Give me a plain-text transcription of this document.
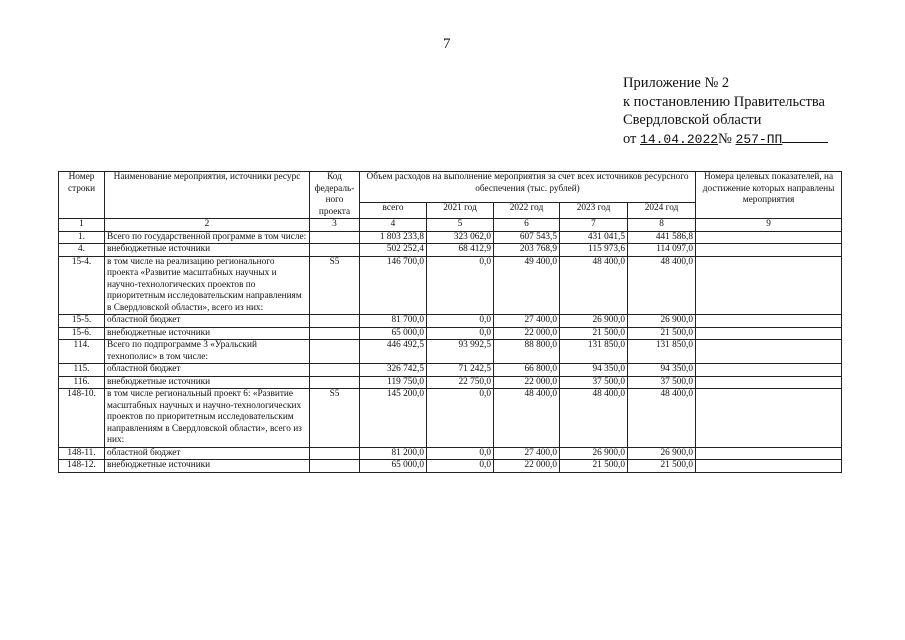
7
Приложение № 2
к постановлению Правительства
Свердловской области
от 14.04.2022№ 257-ПП
Номер строки	Наименование мероприятия, источники ресурс	Код федераль-ного проекта	Объем расходов на выполнение мероприятия за счет всех источников ресурсного обеспечения (тыс. рублей)					Номера целевых показателей, на достижение которых направлены мероприятия
			всего	2021 год	2022 год	2023 год	2024 год	
1	2	3	4	5	6	7	8	9
1.	Всего по государственной программе в том числе:		1 803 233,8	323 062,0	607 543,5	431 041,5	441 586,8	
4.	внебюджетные источники		502 252,4	68 412,9	203 768,9	115 973,6	114 097,0	
15-4.	в том числе на реализацию регионального проекта «Развитие масштабных научных и научно-технологических проектов по приоритетным исследовательским направлениям в Свердловской области», всего из них:	S5	146 700,0	0,0	49 400,0	48 400,0	48 400,0	
15-5.	областной бюджет		81 700,0	0,0	27 400,0	26 900,0	26 900,0	
15-6.	внебюджетные источники		65 000,0	0,0	22 000,0	21 500,0	21 500,0	
114.	Всего по подпрограмме 3 «Уральский технополис» в том числе:		446 492,5	93 992,5	88 800,0	131 850,0	131 850,0	
115.	областной бюджет		326 742,5	71 242,5	66 800,0	94 350,0	94 350,0	
116.	внебюджетные источники		119 750,0	22 750,0	22 000,0	37 500,0	37 500,0	
148-10.	в том числе региональный проект 6: «Развитие масштабных научных и научно-технологических проектов по приоритетным исследовательским направлениям в Свердловской области», всего из них:	S5	145 200,0	0,0	48 400,0	48 400,0	48 400,0	
148-11.	областной бюджет		81 200,0	0,0	27 400,0	26 900,0	26 900,0	
148-12.	внебюджетные источники		65 000,0	0,0	22 000,0	21 500,0	21 500,0	
